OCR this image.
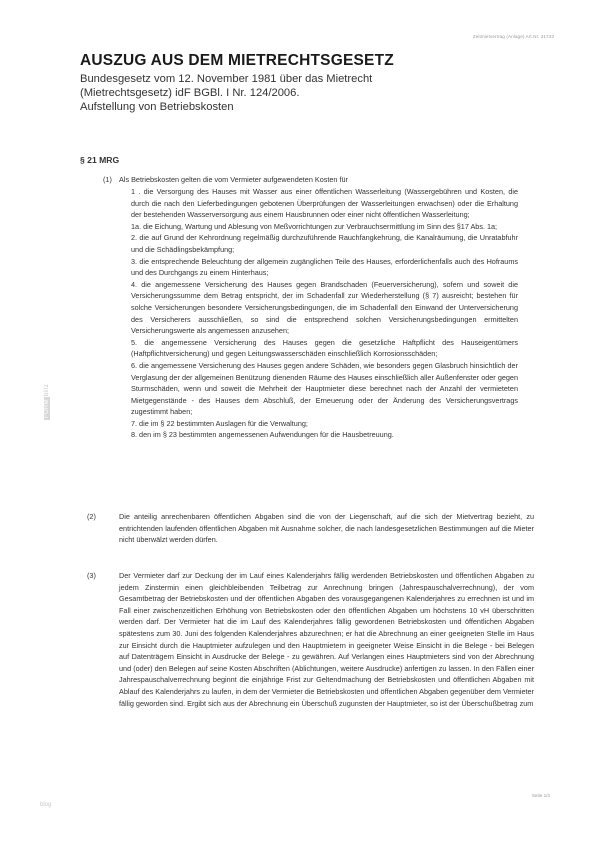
Zeitmietvertrag (Anlage) Art.Nr. 31733
AUSZUG AUS DEM MIETRECHTSGESETZ
Bundesgesetz vom 12. November 1981 über das Mietrecht
(Mietrechtsgesetz) idF BGBl. I Nr. 124/2006.
Aufstellung von Betriebskosten
§ 21 MRG

(1) Als Betriebskosten gelten die vom Vermieter aufgewendeten Kosten für

1 . die Versorgung des Hauses mit Wasser aus einer öffentlichen Wasserleitung (Wassergebühren und Kosten, die durch die nach den Lieferbedingungen gebotenen Überprüfungen der Wasserleitungen erwachsen) oder die Erhaltung der bestehenden Wasserversorgung aus einem Hausbrunnen oder einer nicht öffentlichen Wasserleitung;
1a. die Eichung, Wartung und Ablesung von Meßvorrichtungen zur Verbrauchsermittlung im Sinn des §17 Abs. 1a;
2. die auf Grund der Kehrordnung regelmäßig durchzuführende Rauchfangkehrung, die Kanalräumung, die Unratabfuhr und die Schädlingsbekämpfung;
3. die entsprechende Beleuchtung der allgemein zugänglichen Teile des Hauses, erforderlichenfalls auch des Hofraums und des Durchgangs zu einem Hinterhaus;
4. die angemessene Versicherung des Hauses gegen Brandschaden (Feuerversicherung), sofern und soweit die Versicherungssumme dem Betrag entspricht, der im Schadenfall zur Wiederherstellung (§ 7) ausreicht; bestehen für solche Versicherungen besondere Versicherungsbedingungen, die im Schadenfall den Einwand der Unterversicherung des Versicherers ausschließen, so sind die entsprechend solchen Versicherungsbedingungen ermittelten Versicherungswerte als angemessen anzusehen;
5. die angemessene Versicherung des Hauses gegen die gesetzliche Haftpflicht des Hauseigentümers (Haftpflichtversicherung) und gegen Leitungswasserschäden einschließlich Korrosionsschäden;
6. die angemessene Versicherung des Hauses gegen andere Schäden, wie besonders gegen Glasbruch hinsichtlich der Verglasung der der allgemeinen Benützung dienenden Räume des Hauses einschließlich aller Außenfenster oder gegen Sturmschäden, wenn und soweit die Mehrheit der Hauptmieter diese berechnet nach der Anzahl der vermieteten Mietgegenstände - des Hauses dem Abschluß, der Erneuerung oder der Änderung des Versicherungsvertrags zugestimmt haben;
7. die im § 22 bestimmten Auslagen für die Verwaltung;
8. den im § 23 bestimmten angemessenen Aufwendungen für die Hausbetreuung.

(2)	Die anteilig anrechenbaren öffentlichen Abgaben sind die von der Liegenschaft, auf die sich der Mietvertrag bezieht, zu entrichtenden laufenden öffentlichen Abgaben mit Ausnahme solcher, die nach landesgesetzlichen Bestimmungen auf die Mieter nicht überwälzt werden dürfen.

(3)	Der Vermieter darf zur Deckung der im Lauf eines Kalenderjahrs fällig werdenden Betriebskosten und öffentlichen Abgaben zu jedem Zinstermin einen gleichbleibenden Teilbetrag zur Anrechnung bringen (Jahrespauschalverrechnung), der vom Gesamtbetrag der Betriebskosten und der öffentlichen Abgaben des vorausgegangenen Kalenderjahres zu errechnen ist und im Fall einer zwischenzeitlichen Erhöhung von Betriebskosten oder den öffentlichen Abgaben um höchstens 10 vH überschritten werden darf. Der Vermieter hat die im Lauf des Kalenderjahres fällig gewordenen Betriebskosten und öffentlichen Abgaben spätestens zum 30. Juni des folgenden Kalenderjahres abzurechnen; er hat die Abrechnung an einer geeigneten Stelle im Haus zur Einsicht durch die Hauptmieter aufzulegen und den Hauptmietern in geeigneter Weise Einsicht in die Belege - bei Belegen auf Datenträgern Einsicht in Ausdrucke der Belege - zu gewähren. Auf Verlangen eines Hauptmieters sind von der Abrechnung und (oder) den Belegen auf seine Kosten Abschriften (Ablichtungen, weitere Ausdrucke) anfertigen zu lassen. In den Fällen einer Jahrespauschalverrechnung beginnt die einjährige Frist zur Geltendmachung der Betriebskosten und öffentlichen Abgaben mit Ablauf des Kalenderjahrs zu laufen, in dem der Vermieter die Betriebskosten und öffentlichen Abgaben gegenüber dem Vermieter fällig geworden sind. Ergibt sich aus der Abrechnung ein Überschuß zugunsten der Hauptmieter, so ist der Überschußbetrag zum

FORMblitz
blog
Seite 1/3
